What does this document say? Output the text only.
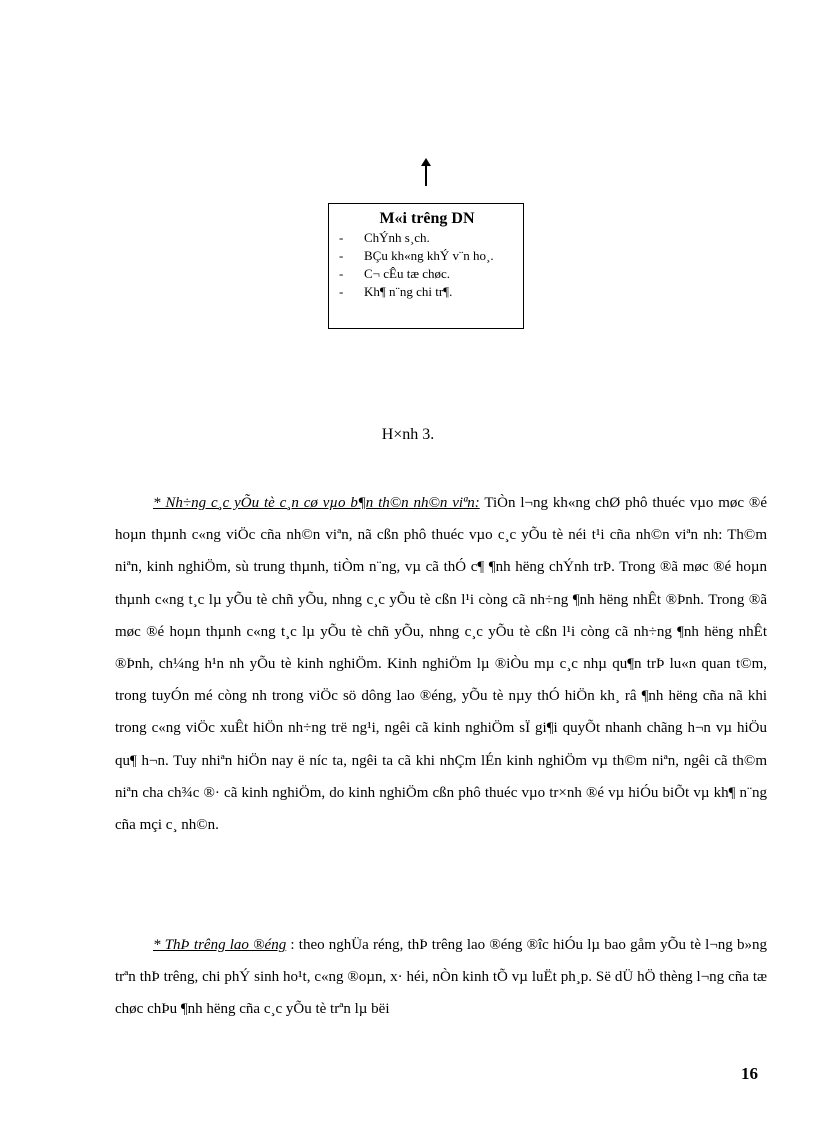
M«i trêng DN
- ChÝnh s¸ch.
- BÇu kh«ng khÝ v¨n ho¸.
- C¬ cÊu tæ chøc.
- Kh¶ n¨ng chi tr¶.
H×nh 3.

* Nh÷ng c¸c yÕu tè c¸n cø vµo b¶n th©n nh©n viªn: TiÒn l¬ng kh«ng chØ phô thuéc vµo møc ®é hoµn thµnh c«ng viÖc cña nh©n viªn, nã cßn phô thuéc vµo c¸c yÕu tè néi t¹i cña nh©n viªn nh: Th©m niªn, kinh nghiÖm, sù trung thµnh, tiÒm n¨ng, vµ cã thÓ c¶ ¶nh hëng chÝnh trÞ. Trong ®ã møc ®é hoµn thµnh c«ng t¸c lµ yÕu tè chñ yÕu, nhng c¸c yÕu tè cßn l¹i còng cã nh÷ng ¶nh hëng nhÊt ®Þnh. Trong ®ã møc ®é hoµn thµnh c«ng t¸c lµ yÕu tè chñ yÕu, nhng c¸c yÕu tè cßn l¹i còng cã nh÷ng ¶nh hëng nhÊt ®Þnh, ch¼ng h¹n nh yÕu tè kinh nghiÖm. Kinh nghiÖm lµ ®iÒu mµ c¸c nhµ qu¶n trÞ lu«n quan t©m, trong tuyÓn mé còng nh trong viÖc sö dông lao ®éng, yÕu tè nµy thÓ hiÖn kh¸ râ ¶nh hëng cña nã khi trong c«ng viÖc xuÊt hiÖn nh÷ng trë ng¹i, ngêi cã kinh nghiÖm sÏ gi¶i quyÕt nhanh chãng h¬n vµ hiÖu qu¶ h¬n. Tuy nhiªn hiÖn nay ë níc ta, ngêi ta cã khi nhÇm lÉn kinh nghiÖm vµ th©m niªn, ngêi cã th©m niªn cha ch¾c ®· cã kinh nghiÖm, do kinh nghiÖm cßn phô thuéc vµo tr×nh ®é vµ hiÓu biÕt vµ kh¶ n¨ng cña mçi c¸ nh©n.

* ThÞ trêng lao ®éng : theo nghÜa réng, thÞ trêng lao ®éng ®îc hiÓu lµ bao gåm yÕu tè l¬ng b»ng trªn thÞ trêng, chi phÝ sinh ho¹t, c«ng ®oµn, x· héi, nÒn kinh tÕ vµ luËt ph¸p. Së dÜ hÖ thèng l¬ng cña tæ chøc chÞu ¶nh hëng cña c¸c yÕu tè trªn lµ bëi

16
